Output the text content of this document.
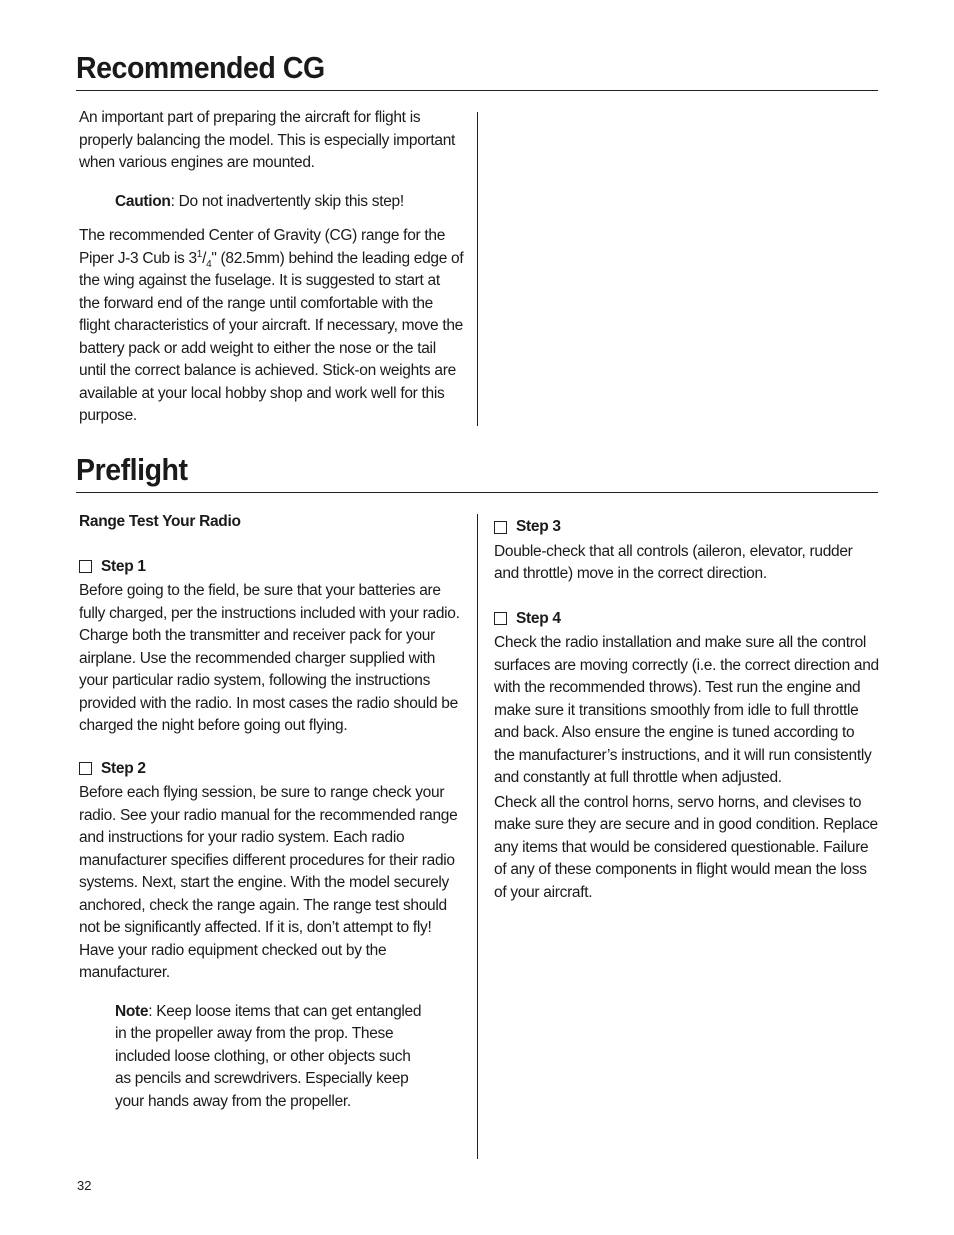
Recommended CG

An important part of preparing the aircraft for flight is properly balancing the model. This is especially important when various engines are mounted.

Caution: Do not inadvertently skip this step!

The recommended Center of Gravity (CG) range for the Piper J-3 Cub is $3^1/_4$" (82.5mm) behind the leading edge of the wing against the fuselage. It is suggested to start at the forward end of the range until comfortable with the flight characteristics of your aircraft. If necessary, move the battery pack or add weight to either the nose or the tail until the correct balance is achieved. Stick-on weights are available at your local hobby shop and work well for this purpose.

Preflight

Range Test Your Radio

Step 1

Before going to the field, be sure that your batteries are fully charged, per the instructions included with your radio. Charge both the transmitter and receiver pack for your airplane. Use the recommended charger supplied with your particular radio system, following the instructions provided with the radio. In most cases the radio should be charged the night before going out flying.

Step 2

Before each flying session, be sure to range check your radio. See your radio manual for the recommended range and instructions for your radio system. Each radio manufacturer specifies different procedures for their radio systems. Next, start the engine. With the model securely anchored, check the range again. The range test should not be significantly affected. If it is, don’t attempt to fly! Have your radio equipment checked out by the manufacturer.

Note: Keep loose items that can get entangled in the propeller away from the prop. These included loose clothing, or other objects such as pencils and screwdrivers. Especially keep your hands away from the propeller.

Step 3

Double-check that all controls (aileron, elevator, rudder and throttle) move in the correct direction.

Step 4

Check the radio installation and make sure all the control surfaces are moving correctly (i.e. the correct direction and with the recommended throws). Test run the engine and make sure it transitions smoothly from idle to full throttle and back. Also ensure the engine is tuned according to the manufacturer’s instructions, and it will run consistently and constantly at full throttle when adjusted.

Check all the control horns, servo horns, and clevises to make sure they are secure and in good condition. Replace any items that would be considered questionable. Failure of any of these components in flight would mean the loss of your aircraft.

32
